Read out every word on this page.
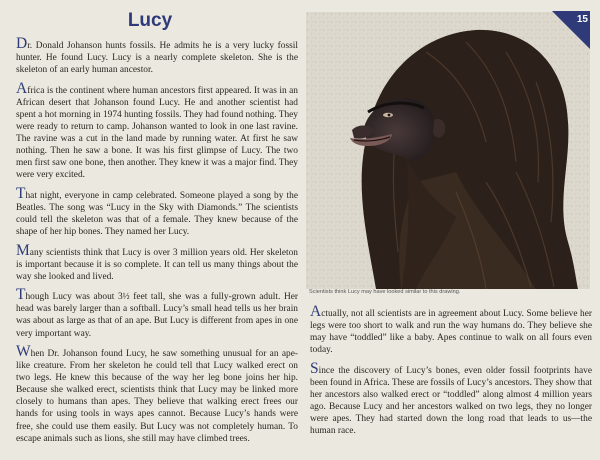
Lucy

Dr. Donald Johanson hunts fossils. He admits he is a very lucky fossil hunter. He found Lucy. Lucy is a nearly complete skeleton. She is the skeleton of an early human ancestor.

Africa is the continent where human ancestors first appeared. It was in an African desert that Johanson found Lucy. He and another scientist had spent a hot morning in 1974 hunting fossils. They had found nothing. They were ready to return to camp. Johanson wanted to look in one last ravine. The ravine was a cut in the land made by running water. At first he saw nothing. Then he saw a bone. It was his first glimpse of Lucy. The two men first saw one bone, then another. They knew it was a major find. They were very excited.

That night, everyone in camp celebrated. Someone played a song by the Beatles. The song was “Lucy in the Sky with Diamonds.” The scientists could tell the skeleton was that of a female. They knew because of the shape of her hip bones. They named her Lucy.

Many scientists think that Lucy is over 3 million years old. Her skeleton is important because it is so complete. It can tell us many things about the way she looked and lived.

Though Lucy was about 3½ feet tall, she was a fully-grown adult. Her head was barely larger than a softball. Lucy’s small head tells us her brain was about as large as that of an ape. But Lucy is different from apes in one very important way.

When Dr. Johanson found Lucy, he saw something unusual for an ape-like creature. From her skeleton he could tell that Lucy walked erect on two legs. He knew this because of the way her leg bone joins her hip. Because she walked erect, scientists think that Lucy may be linked more closely to humans than apes. They believe that walking erect frees our hands for using tools in ways apes cannot. Because Lucy’s hands were free, she could use them easily. But Lucy was not completely human. To escape animals such as lions, she still may have climbed trees.

Scientists think Lucy may have looked similar to this drawing.
15

Actually, not all scientists are in agreement about Lucy. Some believe her legs were too short to walk and run the way humans do. They believe she may have “toddled” like a baby. Apes continue to walk on all fours even today.

Since the discovery of Lucy’s bones, even older fossil footprints have been found in Africa. These are fossils of Lucy’s ancestors. They show that her ancestors also walked erect or “toddled” along almost 4 million years ago. Because Lucy and her ancestors walked on two legs, they no longer were apes. They had started down the long road that leads to us—the human race.
